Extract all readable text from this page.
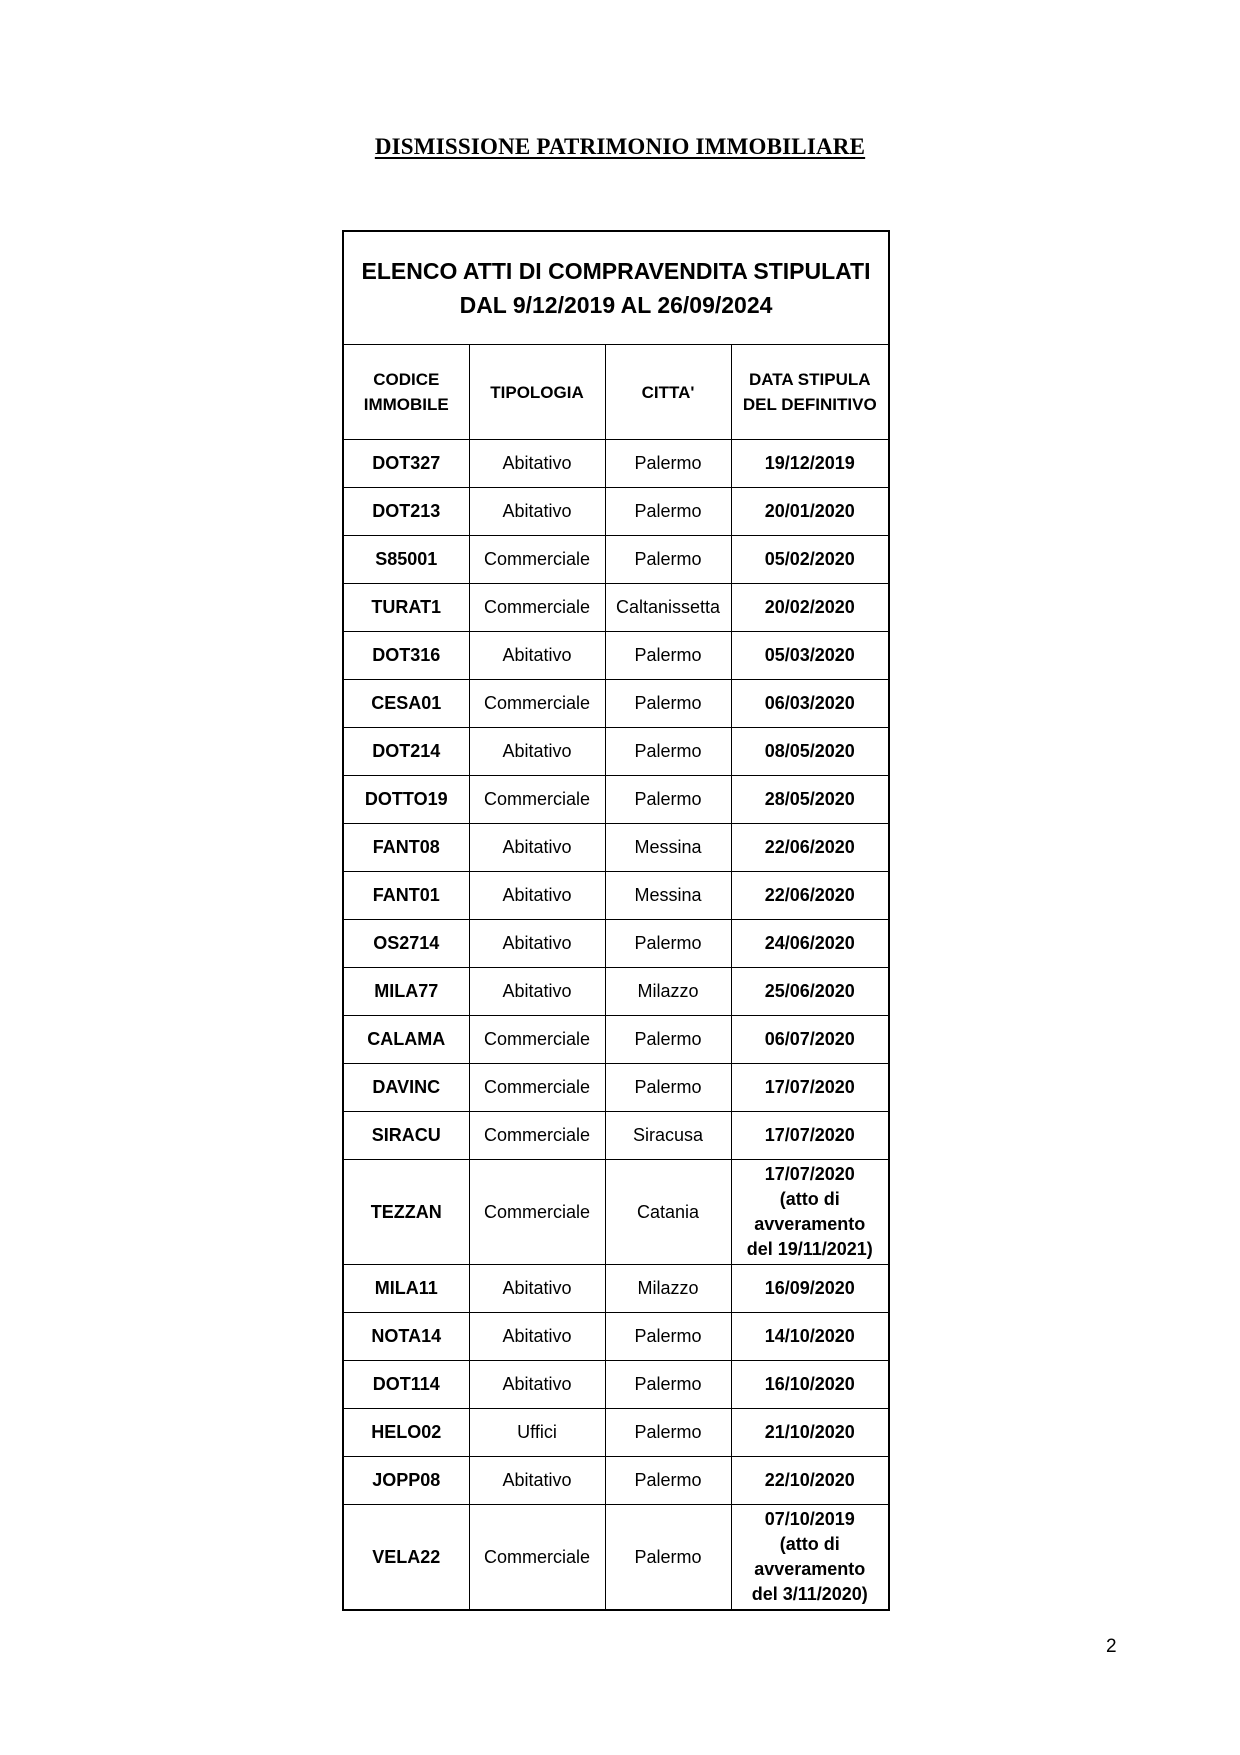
DISMISSIONE PATRIMONIO IMMOBILIARE
ELENCO ATTI DI COMPRAVENDITA STIPULATI
DAL 9/12/2019 AL 26/09/2024			

CODICE
IMMOBILE	TIPOLOGIA	CITTA'	DATA STIPULA
DEL DEFINITIVO

DOT327	Abitativo	Palermo	19/12/2019

DOT213	Abitativo	Palermo	20/01/2020

S85001	Commerciale	Palermo	05/02/2020

TURAT1	Commerciale	Caltanissetta	20/02/2020

DOT316	Abitativo	Palermo	05/03/2020

CESA01	Commerciale	Palermo	06/03/2020

DOT214	Abitativo	Palermo	08/05/2020

DOTTO19	Commerciale	Palermo	28/05/2020

FANT08	Abitativo	Messina	22/06/2020

FANT01	Abitativo	Messina	22/06/2020

OS2714	Abitativo	Palermo	24/06/2020

MILA77	Abitativo	Milazzo	25/06/2020

CALAMA	Commerciale	Palermo	06/07/2020

DAVINC	Commerciale	Palermo	17/07/2020

SIRACU	Commerciale	Siracusa	17/07/2020

TEZZAN	Commerciale	Catania	17/07/2020
(atto di
avveramento
del 19/11/2021)

MILA11	Abitativo	Milazzo	16/09/2020

NOTA14	Abitativo	Palermo	14/10/2020

DOT114	Abitativo	Palermo	16/10/2020

HELO02	Uffici	Palermo	21/10/2020

JOPP08	Abitativo	Palermo	22/10/2020

VELA22	Commerciale	Palermo	07/10/2019
(atto di
avveramento
del 3/11/2020)
2
